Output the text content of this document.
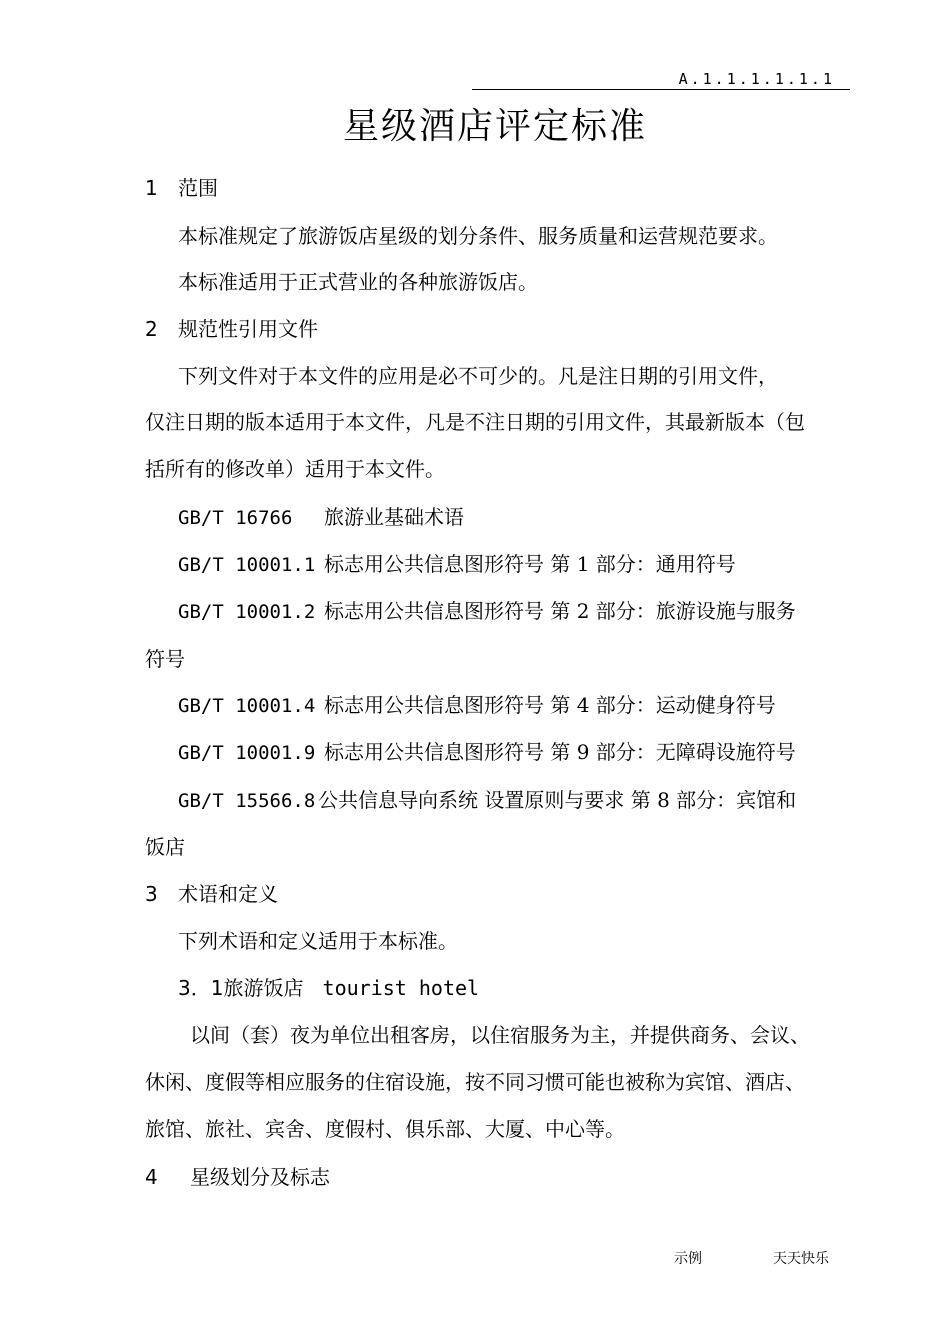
A.1.1.1.1.1.1
星级酒店评定标准
1 范围
本标准规定了旅游饭店星级的划分条件、服务质量和运营规范要求。
本标准适用于正式营业的各种旅游饭店。
2 规范性引用文件
下列文件对于本文件的应用是必不可少的。凡是注日期的引用文件，
仅注日期的版本适用于本文件，凡是不注日期的引用文件，其最新版本（包
括所有的修改单）适用于本文件。
GB/T 16766 旅游业基础术语
GB/T 10001.1 标志用公共信息图形符号 第 1 部分：通用符号
GB/T 10001.2 标志用公共信息图形符号 第 2 部分：旅游设施与服务
符号
GB/T 10001.4 标志用公共信息图形符号 第 4 部分：运动健身符号
GB/T 10001.9 标志用公共信息图形符号 第 9 部分：无障碍设施符号
GB/T 15566.8 公共信息导向系统 设置原则与要求 第 8 部分：宾馆和
饭店
3 术语和定义
下列术语和定义适用于本标准。
3．1旅游饭店 tourist hotel
以间（套）夜为单位出租客房，以住宿服务为主，并提供商务、会议、
休闲、度假等相应服务的住宿设施，按不同习惯可能也被称为宾馆、酒店、
旅馆、旅社、宾舍、度假村、俱乐部、大厦、中心等。
4 星级划分及标志
示例	天天快乐
